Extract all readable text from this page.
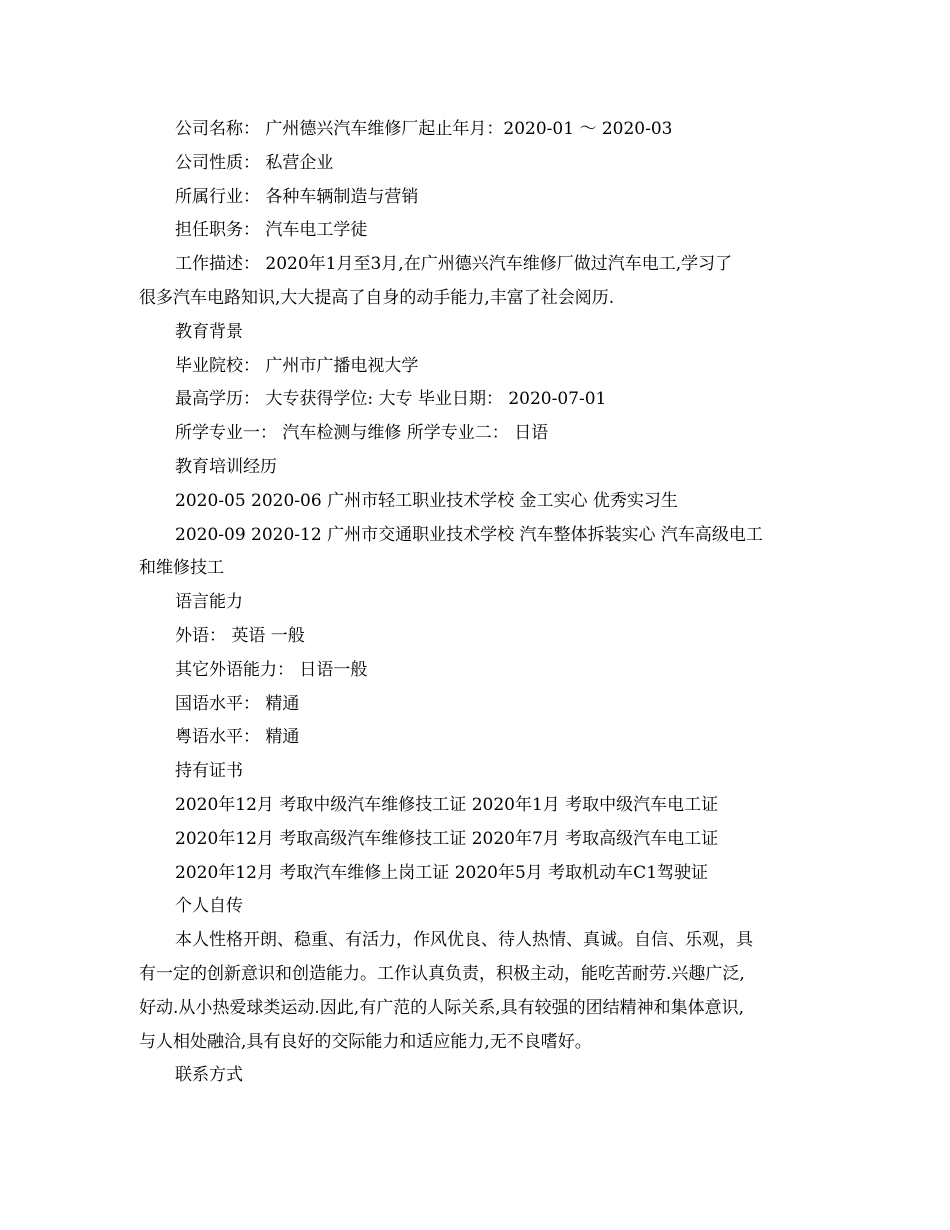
公司名称： 广州德兴汽车维修厂起止年月：2020-01 ～ 2020-03
公司性质： 私营企业
所属行业： 各种车辆制造与营销
担任职务： 汽车电工学徒
工作描述： 2020年1月至3月,在广州德兴汽车维修厂做过汽车电工,学习了
很多汽车电路知识,大大提高了自身的动手能力,丰富了社会阅历.
教育背景
毕业院校： 广州市广播电视大学
最高学历： 大专获得学位: 大专 毕业日期： 2020-07-01
所学专业一： 汽车检测与维修 所学专业二： 日语
教育培训经历
2020-05 2020-06 广州市轻工职业技术学校 金工实心 优秀实习生
2020-09 2020-12 广州市交通职业技术学校 汽车整体拆装实心 汽车高级电工
和维修技工
语言能力
外语： 英语 一般
其它外语能力： 日语一般
国语水平： 精通
粤语水平： 精通
持有证书
2020年12月 考取中级汽车维修技工证 2020年1月 考取中级汽车电工证
2020年12月 考取高级汽车维修技工证 2020年7月 考取高级汽车电工证
2020年12月 考取汽车维修上岗工证 2020年5月 考取机动车C1驾驶证
个人自传
本人性格开朗、稳重、有活力，作风优良、待人热情、真诚。自信、乐观，具
有一定的创新意识和创造能力。工作认真负责，积极主动，能吃苦耐劳.兴趣广泛,
好动.从小热爱球类运动.因此,有广范的人际关系,具有较强的团结精神和集体意识,
与人相处融洽,具有良好的交际能力和适应能力,无不良嗜好。
联系方式
